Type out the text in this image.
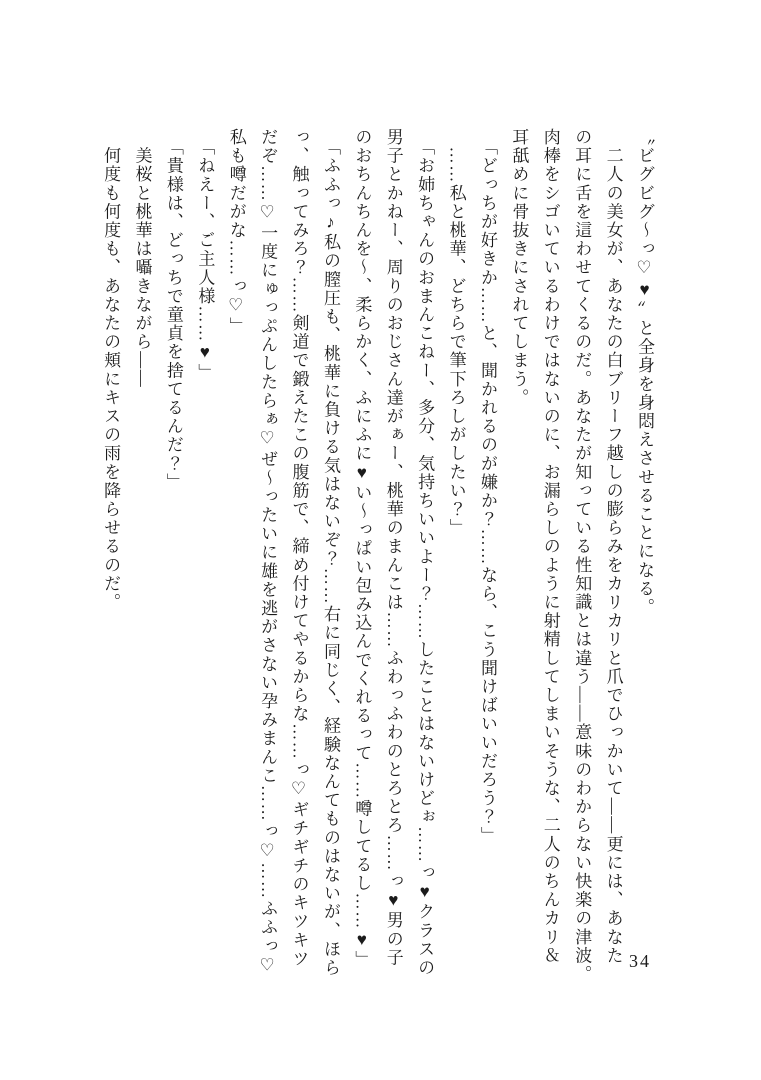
〝ビグビグ〜っ♡♥〟と全身を身悶えさせることになる。
　二人の美女が、あなたの白ブリーフ越しの膨らみをカリカリと爪でひっかいて――更には、あなた
の耳に舌を這わせてくるのだ。あなたが知っている性知識とは違う――意味のわからない快楽の津波。
肉棒をシゴいているわけではないのに、お漏らしのように射精してしまいそうな、二人のちんカリ＆
耳舐めに骨抜きにされてしまう。
　「どっちが好きか……と、聞かれるのが嫌か？……なら、こう聞けばいいだろう？」
　……私と桃華、どちらで筆下ろしがしたい？」
　「お姉ちゃんのおまんこねー、多分、気持ちいいよー？……したことはないけどぉ……っ♥クラスの
男子とかねー、周りのおじさん達がぁー、桃華のまんこは……ふわっふわのとろとろ……っ♥男の子
のおちんちんを〜、柔らかく、ふにふに♥い〜っぱい包み込んでくれるって……噂してるし……♥」
　「ふふっ♪私の膣圧も、桃華に負ける気はないぞ？……右に同じく、経験なんてものはないが、ほら
っ、触ってみろ？……剣道で鍛えたこの腹筋で、締め付けてやるからな……っ♡ギチギチのキツキツ
だぞ……♡一度にゅっぷんしたらぁ♡ぜ〜ったいに雄を逃がさない孕みまんこ……っ♡……ふふっ♡
私も噂だがな……っ♡」
　「ねえー、ご主人様……♥」
　「貴様は、どっちで童貞を捨てるんだ？」
　美桜と桃華は囁きながら――
　何度も何度も、あなたの頬にキスの雨を降らせるのだ。
34
